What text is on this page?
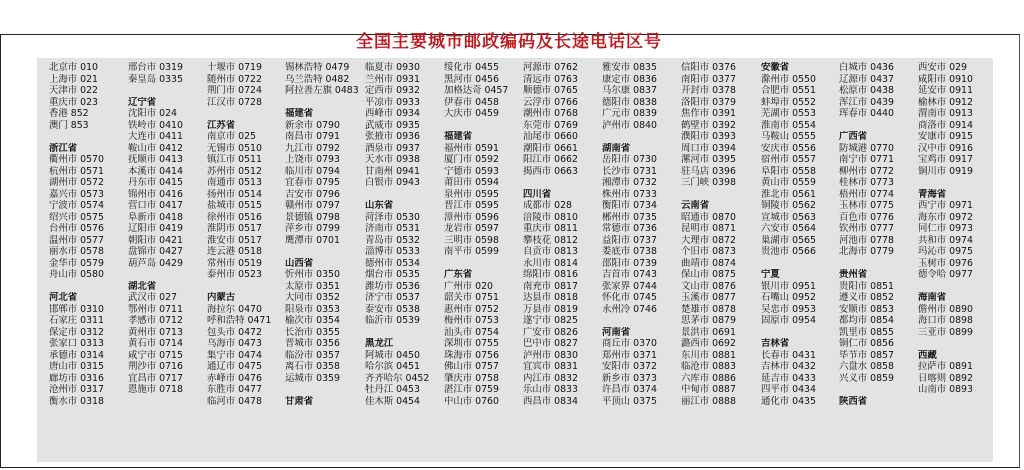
全国主要城市邮政编码及长途电话区号
北京市 010
上海市 021
天津市 022
重庆市 023
香港 852
澳门 853
浙江省
衢州市 0570
杭州市 0571
湖州市 0572
嘉兴市 0573
宁波市 0574
绍兴市 0575
台州市 0576
温州市 0577
丽水市 0578
金华市 0579
舟山市 0580
河北省
邯郸市 0310
石家庄 0311
保定市 0312
张家口 0313
承德市 0314
唐山市 0315
廊坊市 0316
沧州市 0317
衡水市 0318
邢台市 0319
秦皇岛 0335
辽宁省
沈阳市 024
铁岭市 0410
大连市 0411
鞍山市 0412
抚顺市 0413
本溪市 0414
丹东市 0415
锦州市 0416
营口市 0417
阜新市 0418
辽阳市 0419
朝阳市 0421
盘锦市 0427
葫芦岛 0429
湖北省
武汉市 027
鄂州市 0711
孝感市 0712
黄州市 0713
黄石市 0714
咸宁市 0715
荆沙市 0716
宜昌市 0717
恩施市 0718
十堰市 0719
随州市 0722
荆门市 0724
江汉市 0728
江苏省
南京市 025
无锡市 0510
镇江市 0511
苏州市 0512
南通市 0513
扬州市 0514
盐城市 0515
徐州市 0516
淮阴市 0517
淮安市 0517
连云港 0518
常州市 0519
泰州市 0523
内蒙古
海拉尔 0470
呼和浩特 0471
包头市 0472
乌海市 0473
集宁市 0474
通辽市 0475
赤峰市 0476
东胜市 0477
临河市 0478
锡林浩特 0479
乌兰浩特 0482
阿拉善左旗 0483
福建省
新余市 0790
南昌市 0791
九江市 0792
上饶市 0793
临川市 0794
宜春市 0795
吉安市 0796
赣州市 0797
景德镇 0798
萍乡市 0799
鹰潭市 0701
山西省
忻州市 0350
太原市 0351
大同市 0352
阳泉市 0353
榆次市 0354
长治市 0355
晋城市 0356
临汾市 0357
离石市 0358
运城市 0359
甘肃省
临夏市 0930
兰州市 0931
定西市 0932
平凉市 0933
西峰市 0934
武威市 0935
张掖市 0936
酒泉市 0937
天水市 0938
甘南州 0941
白银市 0943
山东省
菏泽市 0530
济南市 0531
青岛市 0532
淄博市 0533
德州市 0534
烟台市 0535
潍坊市 0536
济宁市 0537
泰安市 0538
临沂市 0539
黑龙江
阿城市 0450
哈尔滨 0451
齐齐哈尔 0452
牡丹江 0453
佳木斯 0454
绥化市 0455
黑河市 0456
加格达奇 0457
伊春市 0458
大庆市 0459
福建省
福州市 0591
厦门市 0592
宁德市 0593
莆田市 0594
泉州市 0595
晋江市 0595
漳州市 0596
龙岩市 0597
三明市 0598
南平市 0599
广东省
广州市 020
韶关市 0751
惠州市 0752
梅州市 0753
汕头市 0754
深圳市 0755
珠海市 0756
佛山市 0757
肇庆市 0758
湛江市 0759
中山市 0760
河源市 0762
清远市 0763
顺德市 0765
云浮市 0766
潮州市 0768
东莞市 0769
汕尾市 0660
潮阳市 0661
阳江市 0662
揭西市 0663
四川省
成都市 028
涪陵市 0810
重庆市 0811
攀枝花 0812
自贡市 0813
永川市 0814
绵阳市 0816
南充市 0817
达县市 0818
万县市 0819
遂宁市 0825
广安市 0826
巴中市 0827
泸州市 0830
宜宾市 0831
内江市 0832
乐山市 0833
西昌市 0834
雅安市 0835
康定市 0836
马尔康 0837
德阳市 0838
广元市 0839
泸州市 0840
湖南省
岳阳市 0730
长沙市 0731
湘潭市 0732
株州市 0733
衡阳市 0734
郴州市 0735
常德市 0736
益阳市 0737
娄底市 0738
邵阳市 0739
吉首市 0743
张家界 0744
怀化市 0745
永州冷 0746
河南省
商丘市 0370
郑州市 0371
安阳市 0372
新乡市 0373
许昌市 0374
平顶山 0375
信阳市 0376
南阳市 0377
开封市 0378
洛阳市 0379
焦作市 0391
鹤壁市 0392
濮阳市 0393
周口市 0394
漯河市 0395
驻马店 0396
三门峡 0398
云南省
昭通市 0870
昆明市 0871
大理市 0872
个旧市 0873
曲靖市 0874
保山市 0875
文山市 0876
玉溪市 0877
楚雄市 0878
思茅市 0879
景洪市 0691
潞西市 0692
东川市 0881
临沧市 0883
六库市 0886
中甸市 0887
丽江市 0888
安徽省
滁州市 0550
合肥市 0551
蚌埠市 0552
芜湖市 0553
淮南市 0554
马鞍山 0555
安庆市 0556
宿州市 0557
阜阳市 0558
黄山市 0559
淮北市 0561
铜陵市 0562
宣城市 0563
六安市 0564
巢湖市 0565
贵池市 0566
宁夏
银川市 0951
石嘴山 0952
吴忠市 0953
固原市 0954
吉林省
长春市 0431
吉林市 0432
延吉市 0433
四平市 0434
通化市 0435
白城市 0436
辽源市 0437
松原市 0438
浑江市 0439
珲春市 0440
广西省
防城港 0770
南宁市 0771
柳州市 0772
桂林市 0773
梧州市 0774
玉林市 0775
百色市 0776
钦州市 0777
河池市 0778
北海市 0779
贵州省
贵阳市 0851
遵义市 0852
安顺市 0853
都均市 0854
凯里市 0855
铜仁市 0856
毕节市 0857
六盘水 0858
兴义市 0859
陕西省
西安市 029
咸阳市 0910
延安市 0911
榆林市 0912
渭南市 0913
商洛市 0914
安康市 0915
汉中市 0916
宝鸡市 0917
铜川市 0919
青海省
西宁市 0971
海东市 0972
同仁市 0973
共和市 0974
玛沁市 0975
玉树市 0976
德令哈 0977
海南省
儋州市 0890
海口市 0898
三亚市 0899
西藏
拉萨市 0891
日喀则 0892
山南市 0893
